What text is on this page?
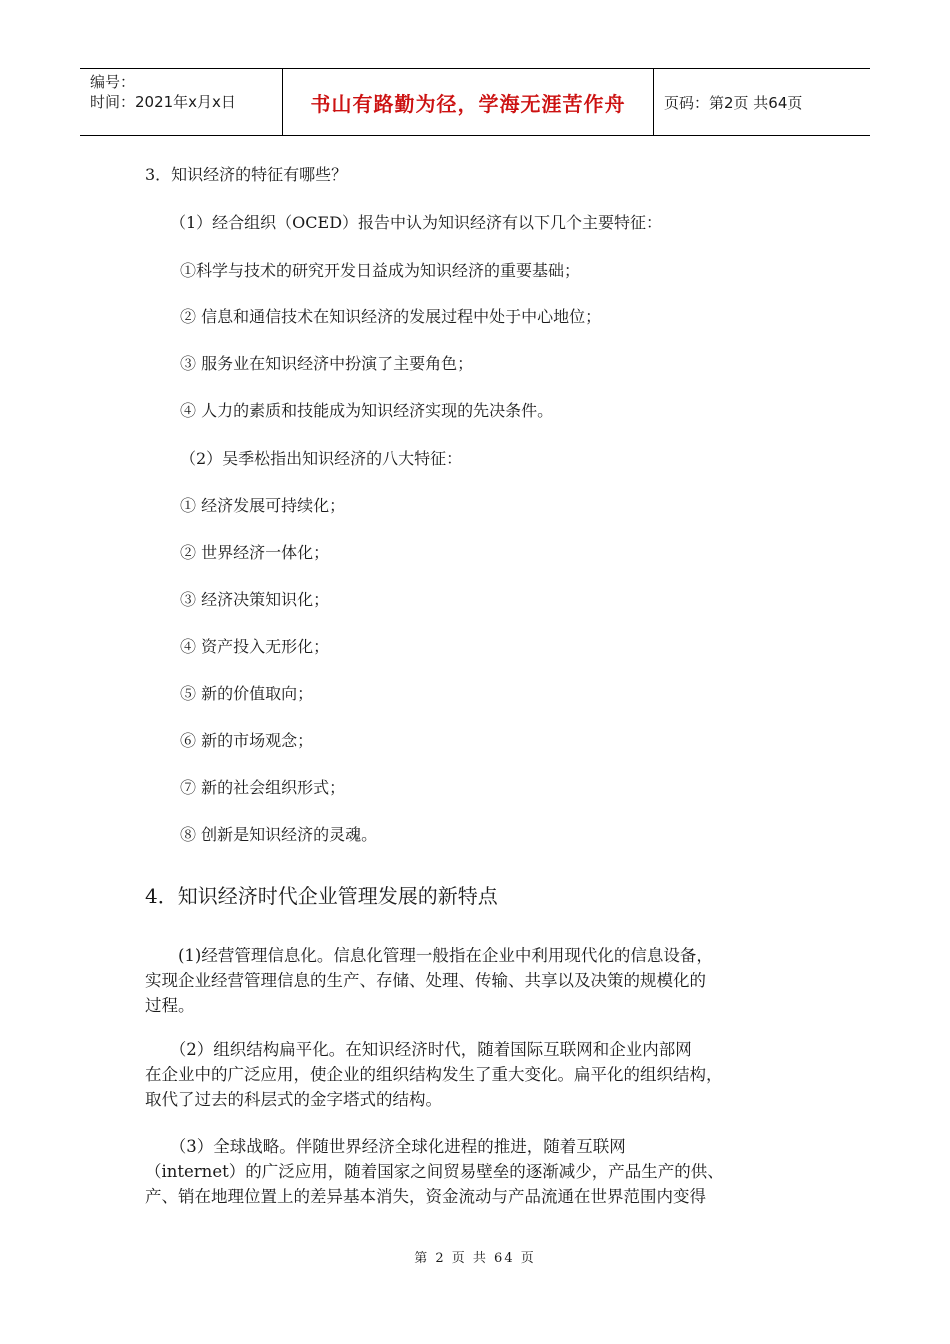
编号：
时间：2021年x月x日	书山有路勤为径，学海无涯苦作舟	页码：第2页 共64页
3．知识经济的特征有哪些？
（1）经合组织（OCED）报告中认为知识经济有以下几个主要特征：
①科学与技术的研究开发日益成为知识经济的重要基础；
② 信息和通信技术在知识经济的发展过程中处于中心地位；
③ 服务业在知识经济中扮演了主要角色；
④ 人力的素质和技能成为知识经济实现的先决条件。
（2）吴季松指出知识经济的八大特征：
① 经济发展可持续化；
② 世界经济一体化；
③ 经济决策知识化；
④ 资产投入无形化；
⑤ 新的价值取向；
⑥ 新的市场观念；
⑦ 新的社会组织形式；
⑧ 创新是知识经济的灵魂。
4．知识经济时代企业管理发展的新特点
　　(1)经营管理信息化。信息化管理一般指在企业中利用现代化的信息设备，
实现企业经营管理信息的生产、存储、处理、传输、共享以及决策的规模化的
过程。
　　（2）组织结构扁平化。在知识经济时代，随着国际互联网和企业内部网
在企业中的广泛应用，使企业的组织结构发生了重大变化。扁平化的组织结构，
取代了过去的科层式的金字塔式的结构。
　　（3）全球战略。伴随世界经济全球化进程的推进，随着互联网
（internet）的广泛应用，随着国家之间贸易壁垒的逐渐减少，产品生产的供、
产、销在地理位置上的差异基本消失，资金流动与产品流通在世界范围内变得
第 2 页 共 64 页
